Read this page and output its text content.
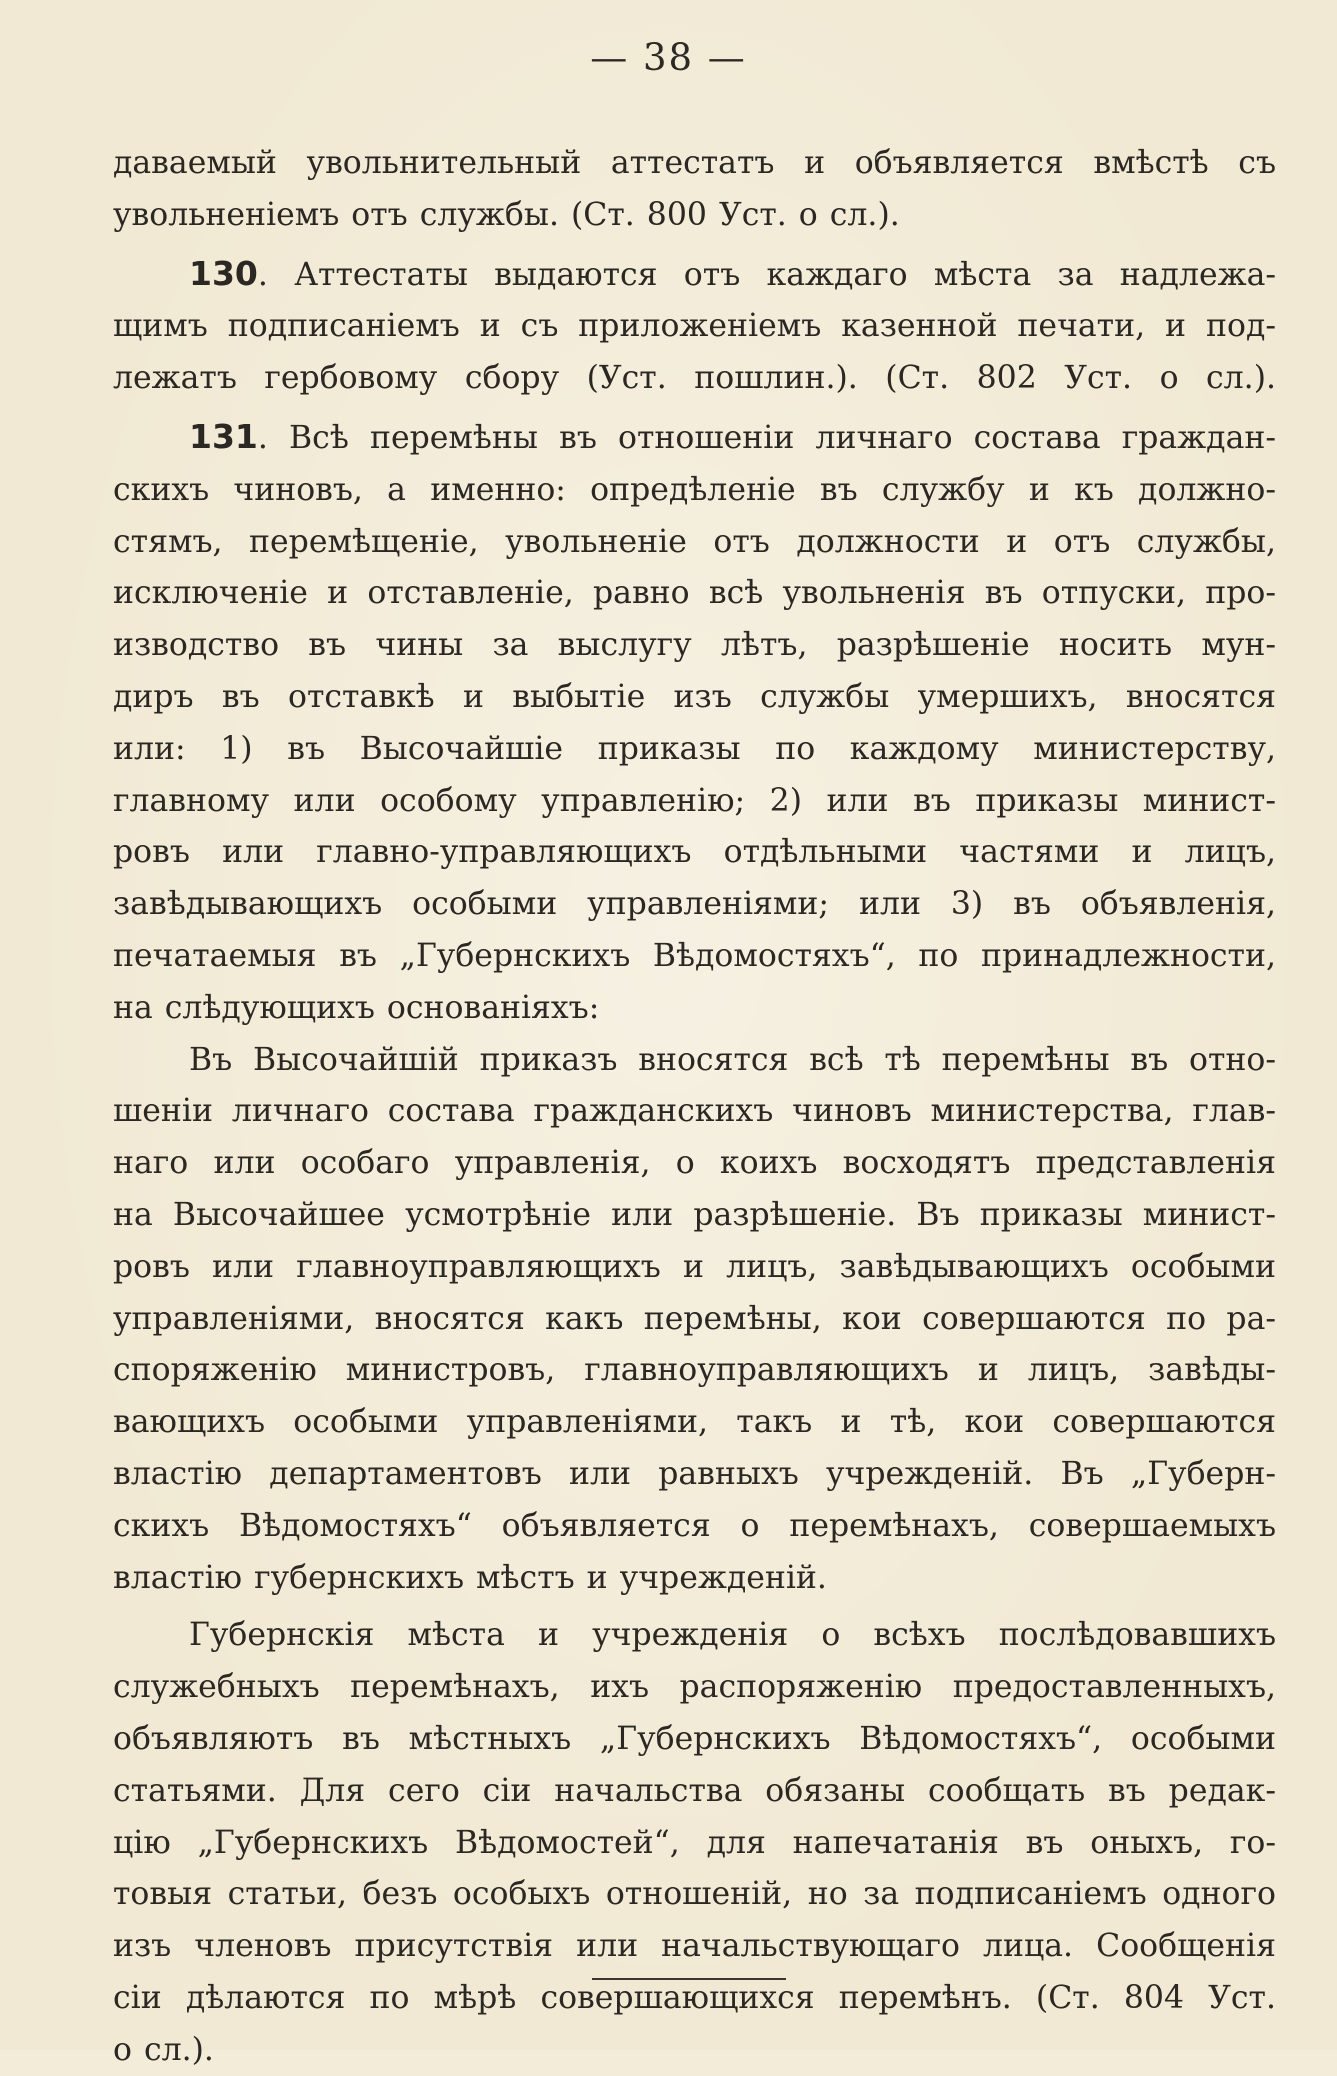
— 38 —
даваемый увольнительный аттестатъ и объявляется вмѣстѣ съ
увольненіемъ отъ службы. (Ст. 800 Уст. о сл.).
130. Аттестаты выдаются отъ каждаго мѣста за надлежа-
щимъ подписаніемъ и съ приложеніемъ казенной печати, и под-
лежатъ гербовому сбору (Уст. пошлин.). (Ст. 802 Уст. о сл.).
131. Всѣ перемѣны въ отношеніи личнаго состава граждан-
скихъ чиновъ, а именно: опредѣленіе въ службу и къ должно-
стямъ, перемѣщеніе, увольненіе отъ должности и отъ службы,
исключеніе и отставленіе, равно всѣ увольненія въ отпуски, про-
изводство въ чины за выслугу лѣтъ, разрѣшеніе носить мун-
диръ въ отставкѣ и выбытіе изъ службы умершихъ, вносятся
или: 1) въ Высочайшіе приказы по каждому министерству,
главному или особому управленію; 2) или въ приказы минист-
ровъ или главно-управляющихъ отдѣльными частями и лицъ,
завѣдывающихъ особыми управленіями; или 3) въ объявленія,
печатаемыя въ „Губернскихъ Вѣдомостяхъ“, по принадлежности,
на слѣдующихъ основаніяхъ:
Въ Высочайшій приказъ вносятся всѣ тѣ перемѣны въ отно-
шеніи личнаго состава гражданскихъ чиновъ министерства, глав-
наго или особаго управленія, о коихъ восходятъ представленія
на Высочайшее усмотрѣніе или разрѣшеніе. Въ приказы минист-
ровъ или главноуправляющихъ и лицъ, завѣдывающихъ особыми
управленіями, вносятся какъ перемѣны, кои совершаются по ра-
споряженію министровъ, главноуправляющихъ и лицъ, завѣды-
вающихъ особыми управленіями, такъ и тѣ, кои совершаются
властію департаментовъ или равныхъ учрежденій. Въ „Губерн-
скихъ Вѣдомостяхъ“ объявляется о перемѣнахъ, совершаемыхъ
властію губернскихъ мѣстъ и учрежденій.
Губернскія мѣста и учрежденія о всѣхъ послѣдовавшихъ
служебныхъ перемѣнахъ, ихъ распоряженію предоставленныхъ,
объявляютъ въ мѣстныхъ „Губернскихъ Вѣдомостяхъ“, особыми
статьями. Для сего сіи начальства обязаны сообщать въ редак-
цію „Губернскихъ Вѣдомостей“, для напечатанія въ оныхъ, го-
товыя статьи, безъ особыхъ отношеній, но за подписаніемъ одного
изъ членовъ присутствія или начальствующаго лица. Сообщенія
сіи дѣлаются по мѣрѣ совершающихся перемѣнъ. (Ст. 804 Уст.
о сл.).
